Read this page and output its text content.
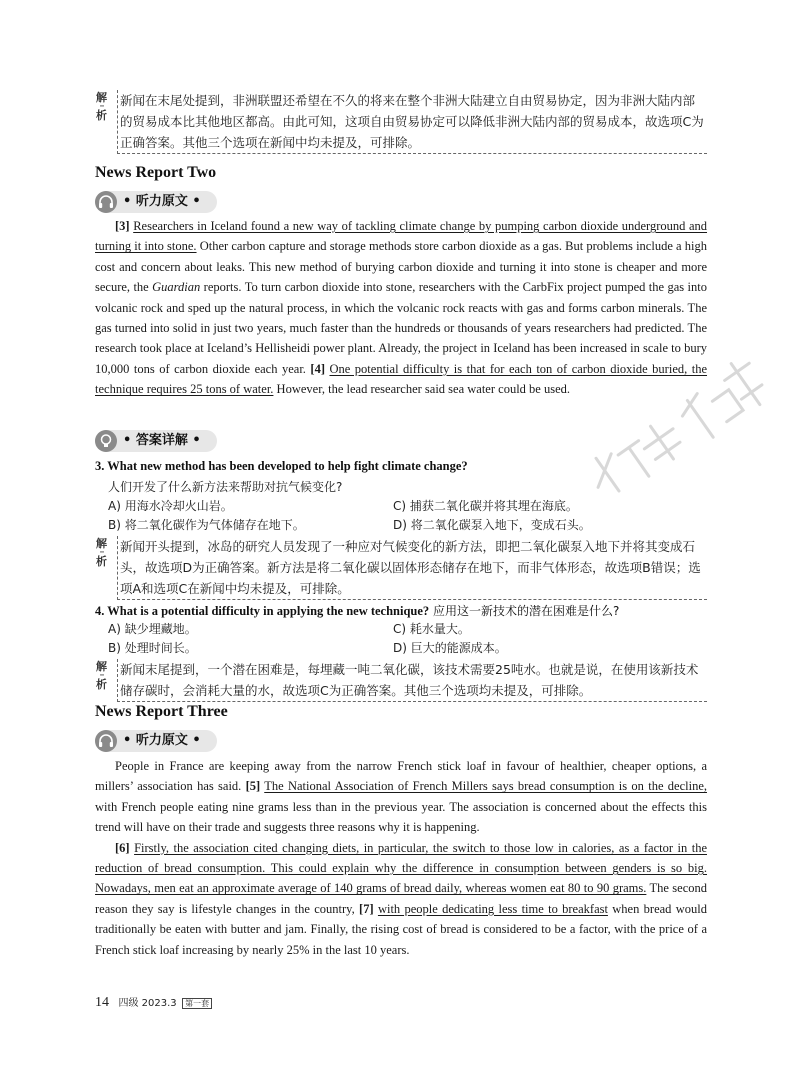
解
···
析
新闻在末尾处提到，非洲联盟还希望在不久的将来在整个非洲大陆建立自由贸易协定，因为非洲大陆内部的贸易成本比其他地区都高。由此可知，这项自由贸易协定可以降低非洲大陆内部的贸易成本，故选项C为正确答案。其他三个选项在新闻中均未提及，可排除。
News Report Two
• 听力原文 •

[3] Researchers in Iceland found a new way of tackling climate change by pumping carbon dioxide underground and turning it into stone. Other carbon capture and storage methods store carbon dioxide as a gas. But problems include a high cost and concern about leaks. This new method of burying carbon dioxide and turning it into stone is cheaper and more secure, the Guardian reports. To turn carbon dioxide into stone, researchers with the CarbFix project pumped the gas into volcanic rock and sped up the natural process, in which the volcanic rock reacts with gas and forms carbon minerals. The gas turned into solid in just two years, much faster than the hundreds or thousands of years researchers had predicted. The research took place at Iceland’s Hellisheidi power plant. Already, the project in Iceland has been increased in scale to bury 10,000 tons of carbon dioxide each year. [4] One potential difficulty is that for each ton of carbon dioxide buried, the technique requires 25 tons of water. However, the lead researcher said sea water could be used.

• 答案详解 •
3. What new method has been developed to help fight climate change?
人们开发了什么新方法来帮助对抗气候变化?
A) 用海水冷却火山岩。	C) 捕获二氧化碳并将其埋在海底。
B) 将二氧化碳作为气体储存在地下。	D) 将二氧化碳泵入地下，变成石头。
解
···
析
新闻开头提到，冰岛的研究人员发现了一种应对气候变化的新方法，即把二氧化碳泵入地下并将其变成石头，故选项D为正确答案。新方法是将二氧化碳以固体形态储存在地下，而非气体形态，故选项B错误；选项A和选项C在新闻中均未提及，可排除。
4. What is a potential difficulty in applying the new technique? 应用这一新技术的潜在困难是什么?
A) 缺少埋藏地。	C) 耗水量大。
B) 处理时间长。	D) 巨大的能源成本。
解
···
析
新闻末尾提到，一个潜在困难是，每埋藏一吨二氧化碳，该技术需要25吨水。也就是说，在使用该新技术储存碳时，会消耗大量的水，故选项C为正确答案。其他三个选项均未提及，可排除。
News Report Three
• 听力原文 •

People in France are keeping away from the narrow French stick loaf in favour of healthier, cheaper options, a millers’ association has said. [5] The National Association of French Millers says bread consumption is on the decline, with French people eating nine grams less than in the previous year. The association is concerned about the effects this trend will have on their trade and suggests three reasons why it is happening.

[6] Firstly, the association cited changing diets, in particular, the switch to those low in calories, as a factor in the reduction of bread consumption. This could explain why the difference in consumption between genders is so big. Nowadays, men eat an approximate average of 140 grams of bread daily, whereas women eat 80 to 90 grams. The second reason they say is lifestyle changes in the country, [7] with people dedicating less time to breakfast when bread would traditionally be eaten with butter and jam. Finally, the rising cost of bread is considered to be a factor, with the price of a French stick loaf increasing by nearly 25% in the last 10 years.

14 四级 2023.3 第一套
